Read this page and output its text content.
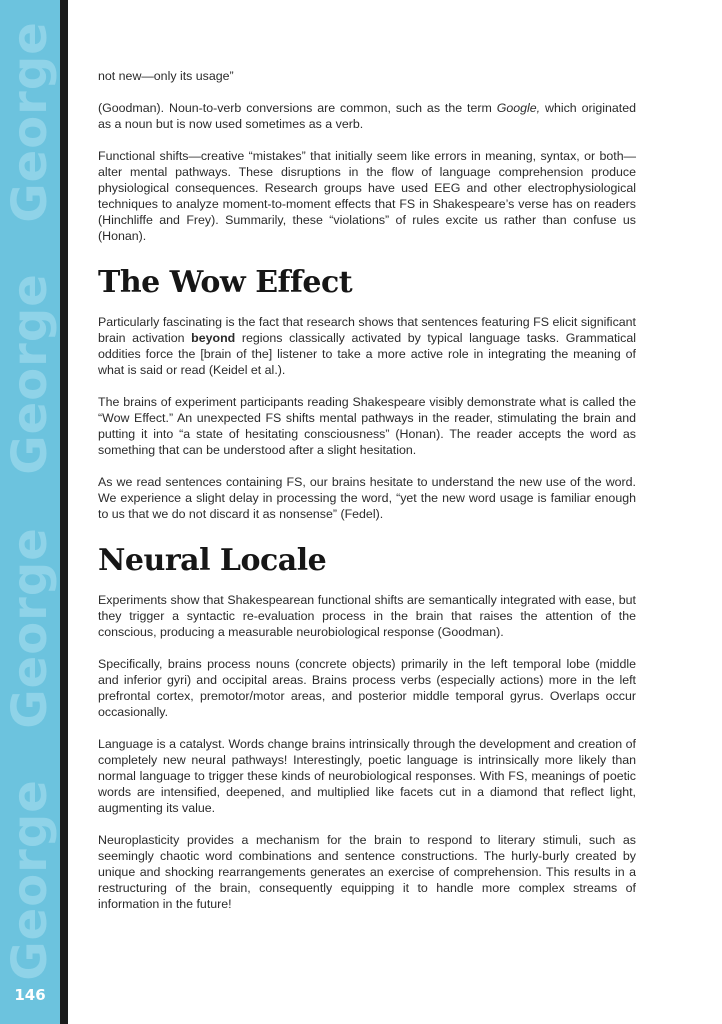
George
George
George
George
146

not new—only its usage”

(Goodman). Noun-to-verb conversions are common, such as the term Google, which originated as a noun but is now used sometimes as a verb.

Functional shifts—creative “mistakes” that initially seem like errors in meaning, syntax, or both—alter mental pathways. These disruptions in the flow of language comprehension produce physiological consequences. Research groups have used EEG and other electrophysiological techniques to analyze moment-to-moment effects that FS in Shakespeare’s verse has on readers (Hinchliffe and Frey). Summarily, these “violations” of rules excite us rather than confuse us (Honan).

The Wow Effect

Particularly fascinating is the fact that research shows that sentences featuring FS elicit significant brain activation beyond regions classically activated by typical language tasks. Grammatical oddities force the [brain of the] listener to take a more active role in integrating the meaning of what is said or read (Keidel et al.).

The brains of experiment participants reading Shakespeare visibly demonstrate what is called the “Wow Effect.” An unexpected FS shifts mental pathways in the reader, stimulating the brain and putting it into “a state of hesitating consciousness” (Honan). The reader accepts the word as something that can be understood after a slight hesitation.

As we read sentences containing FS, our brains hesitate to understand the new use of the word. We experience a slight delay in processing the word, “yet the new word usage is familiar enough to us that we do not discard it as nonsense” (Fedel).

Neural Locale

Experiments show that Shakespearean functional shifts are semantically integrated with ease, but they trigger a syntactic re-evaluation process in the brain that raises the attention of the conscious, producing a measurable neurobiological response (Goodman).

Specifically, brains process nouns (concrete objects) primarily in the left temporal lobe (middle and inferior gyri) and occipital areas. Brains process verbs (especially actions) more in the left prefrontal cortex, premotor/motor areas, and posterior middle temporal gyrus. Overlaps occur occasionally.

Language is a catalyst. Words change brains intrinsically through the development and creation of completely new neural pathways! Interestingly, poetic language is intrinsically more likely than normal language to trigger these kinds of neurobiological responses. With FS, meanings of poetic words are intensified, deepened, and multiplied like facets cut in a diamond that reflect light, augmenting its value.

Neuroplasticity provides a mechanism for the brain to respond to literary stimuli, such as seemingly chaotic word combinations and sentence constructions. The hurly-burly created by unique and shocking rearrangements generates an exercise of comprehension. This results in a restructuring of the brain, consequently equipping it to handle more complex streams of information in the future!
